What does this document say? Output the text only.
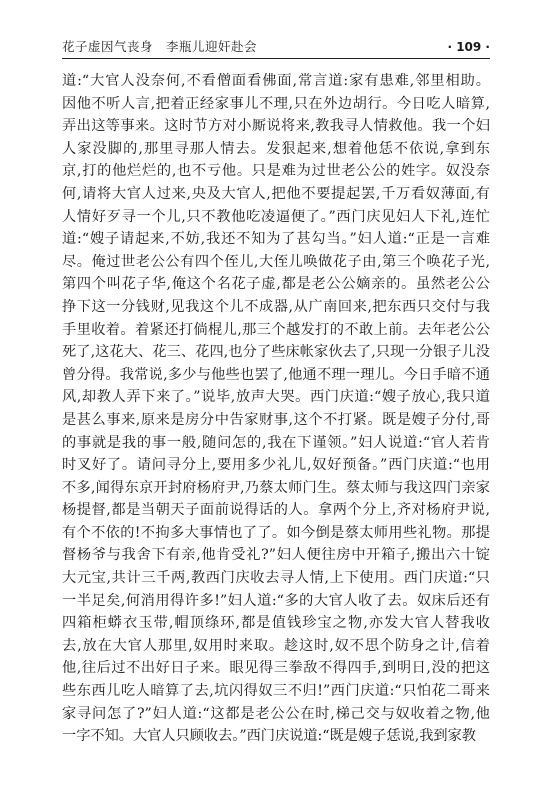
花子虚因气丧身　李瓶儿迎奸赴会	· 109 ·
道:“大官人没奈何,不看僧面看佛面,常言道:家有患难,邻里相助。
因他不听人言,把着正经家事儿不理,只在外边胡行。今日吃人暗算,
弄出这等事来。这时节方对小厮说将来,教我寻人情救他。我一个妇
人家没脚的,那里寻那人情去。发狠起来,想着他恁不依说,拿到东
京,打的他烂烂的,也不亏他。只是难为过世老公公的姓字。奴没奈
何,请将大官人过来,央及大官人,把他不要提起罢,千万看奴薄面,有
人情好歹寻一个儿,只不教他吃凌逼便了。”西门庆见妇人下礼,连忙
道:“嫂子请起来,不妨,我还不知为了甚勾当。”妇人道:“正是一言难
尽。俺过世老公公有四个侄儿,大侄儿唤做花子由,第三个唤花子光,
第四个叫花子华,俺这个名花子虚,都是老公公嫡亲的。虽然老公公
挣下这一分钱财,见我这个儿不成器,从广南回来,把东西只交付与我
手里收着。着紧还打倘棍儿,那三个越发打的不敢上前。去年老公公
死了,这花大、花三、花四,也分了些床帐家伙去了,只现一分银子儿没
曾分得。我常说,多少与他些也罢了,他通不理一理儿。今日手暗不通
风,却教人弄下来了。”说毕,放声大哭。西门庆道:“嫂子放心,我只道
是甚么事来,原来是房分中告家财事,这个不打紧。既是嫂子分付,哥
的事就是我的事一般,随问怎的,我在下谨领。”妇人说道:“官人若肯
时叉好了。请问寻分上,要用多少礼儿,奴好预备。”西门庆道:“也用
不多,闻得东京开封府杨府尹,乃蔡太师门生。蔡太师与我这四门亲家
杨提督,都是当朝天子面前说得话的人。拿两个分上,齐对杨府尹说,
有个不依的!不拘多大事情也了了。如今倒是蔡太师用些礼物。那提
督杨爷与我舍下有亲,他肯受礼?”妇人便往房中开箱子,搬出六十锭
大元宝,共计三千两,教西门庆收去寻人情,上下使用。西门庆道:“只
一半足矣,何消用得许多!”妇人道:“多的大官人收了去。奴床后还有
四箱柜蟒衣玉带,帽顶绦环,都是值钱珍宝之物,亦发大官人替我收
去,放在大官人那里,奴用时来取。趁这时,奴不思个防身之计,信着
他,往后过不出好日子来。眼见得三拳敌不得四手,到明日,没的把这
些东西儿吃人暗算了去,坑闪得奴三不归!”西门庆道:“只怕花二哥来
家寻问怎了?”妇人道:“这都是老公公在时,梯己交与奴收着之物,他
一字不知。大官人只顾收去。”西门庆说道:“既是嫂子恁说,我到家教
